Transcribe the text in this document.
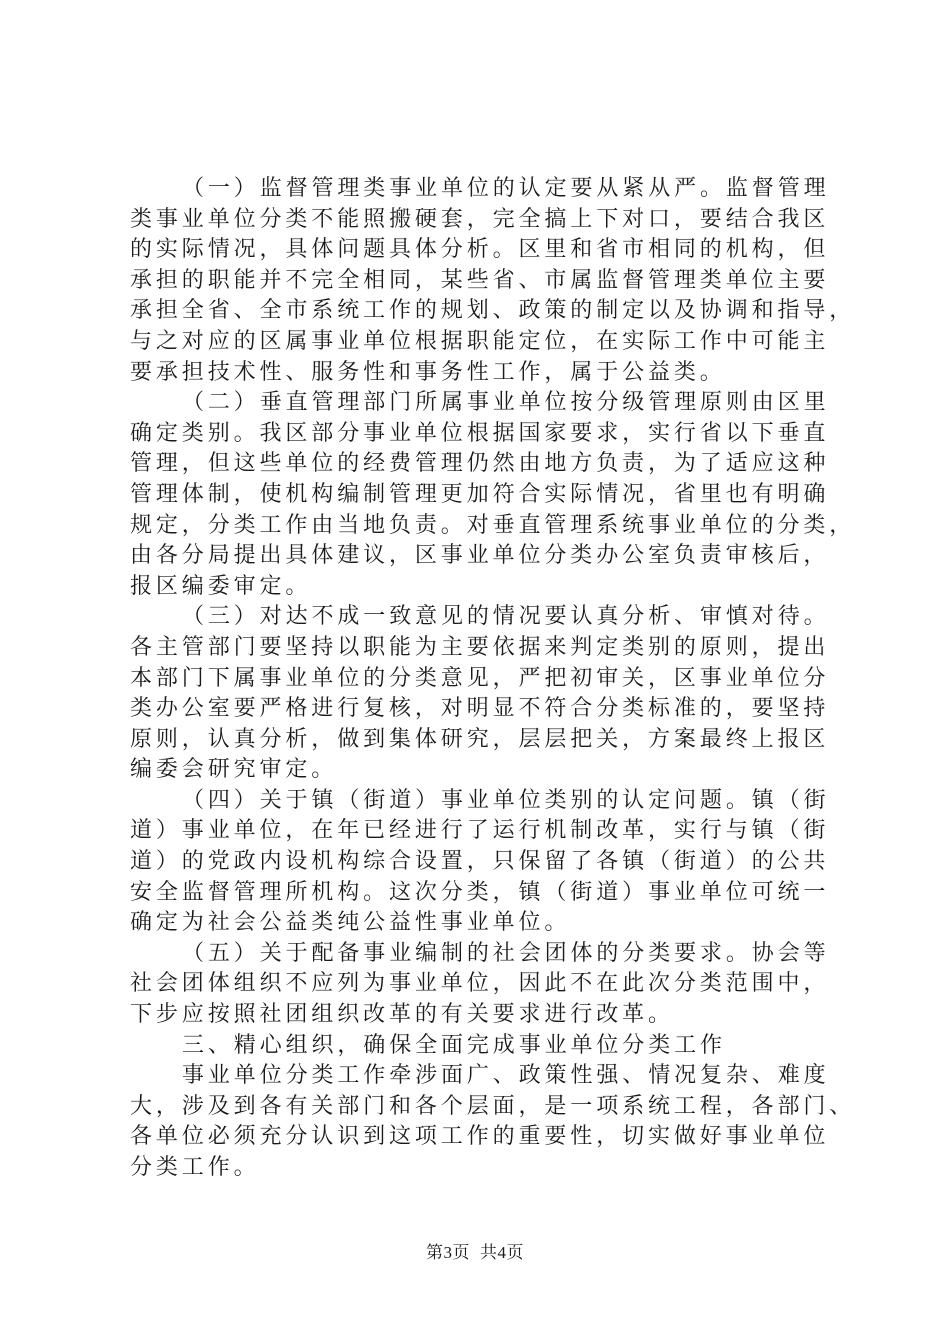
（一）监督管理类事业单位的认定要从紧从严。监督管理
类事业单位分类不能照搬硬套，完全搞上下对口，要结合我区
的实际情况，具体问题具体分析。区里和省市相同的机构，但
承担的职能并不完全相同，某些省、市属监督管理类单位主要
承担全省、全市系统工作的规划、政策的制定以及协调和指导，
与之对应的区属事业单位根据职能定位，在实际工作中可能主
要承担技术性、服务性和事务性工作，属于公益类。
（二）垂直管理部门所属事业单位按分级管理原则由区里
确定类别。我区部分事业单位根据国家要求，实行省以下垂直
管理，但这些单位的经费管理仍然由地方负责，为了适应这种
管理体制，使机构编制管理更加符合实际情况，省里也有明确
规定，分类工作由当地负责。对垂直管理系统事业单位的分类，
由各分局提出具体建议，区事业单位分类办公室负责审核后，
报区编委审定。
（三）对达不成一致意见的情况要认真分析、审慎对待。
各主管部门要坚持以职能为主要依据来判定类别的原则，提出
本部门下属事业单位的分类意见，严把初审关，区事业单位分
类办公室要严格进行复核，对明显不符合分类标准的，要坚持
原则，认真分析，做到集体研究，层层把关，方案最终上报区
编委会研究审定。
（四）关于镇（街道）事业单位类别的认定问题。镇（街
道）事业单位，在年已经进行了运行机制改革，实行与镇（街
道）的党政内设机构综合设置，只保留了各镇（街道）的公共
安全监督管理所机构。这次分类，镇（街道）事业单位可统一
确定为社会公益类纯公益性事业单位。
（五）关于配备事业编制的社会团体的分类要求。协会等
社会团体组织不应列为事业单位，因此不在此次分类范围中，
下步应按照社团组织改革的有关要求进行改革。
三、精心组织，确保全面完成事业单位分类工作
事业单位分类工作牵涉面广、政策性强、情况复杂、难度
大，涉及到各有关部门和各个层面，是一项系统工程，各部门、
各单位必须充分认识到这项工作的重要性，切实做好事业单位
分类工作。
第3页 共4页
